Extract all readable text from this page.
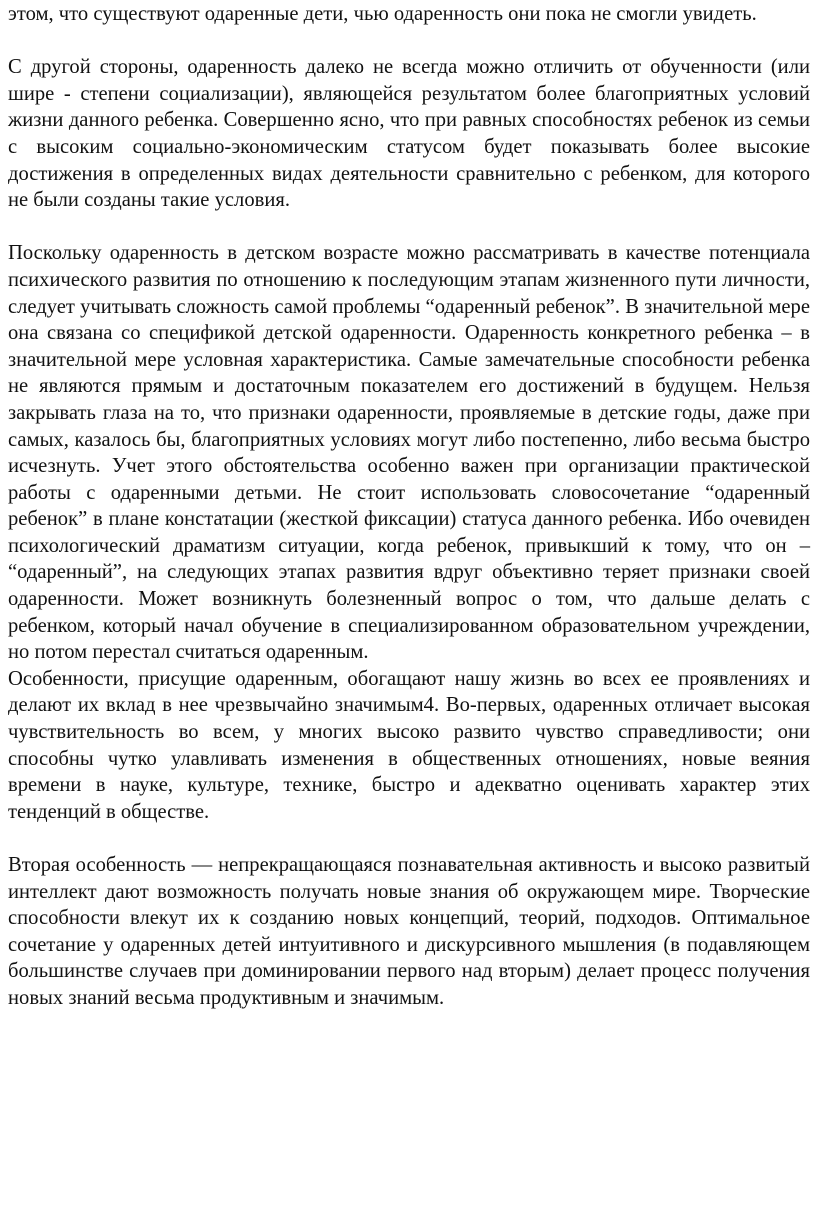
этом, что существуют одаренные дети, чью одаренность они пока не смогли увидеть.

С другой стороны, одаренность далеко не всегда можно отличить от обученности (или шире - степени социализации), являющейся результатом более благоприятных условий жизни данного ребенка. Совершенно ясно, что при равных способностях ребенок из семьи с высоким социально-экономическим статусом будет показывать более высокие достижения в определенных видах деятельности сравнительно с ребенком, для которого не были созданы такие условия.

Поскольку одаренность в детском возрасте можно рассматривать в качестве потенциала психического развития по отношению к последующим этапам жизненного пути личности, следует учитывать сложность самой проблемы “одаренный ребенок”. В значительной мере она связана со спецификой детской одаренности. Одаренность конкретного ребенка – в значительной мере условная характеристика. Самые замечательные способности ребенка не являются прямым и достаточным показателем его достижений в будущем. Нельзя закрывать глаза на то, что признаки одаренности, проявляемые в детские годы, даже при самых, казалось бы, благоприятных условиях могут либо постепенно, либо весьма быстро исчезнуть. Учет этого обстоятельства особенно важен при организации практической работы с одаренными детьми. Не стоит использовать словосочетание “одаренный ребенок” в плане констатации (жесткой фиксации) статуса данного ребенка. Ибо очевиден психологический драматизм ситуации, когда ребенок, привыкший к тому, что он – “одаренный”, на следующих этапах развития вдруг объективно теряет признаки своей одаренности. Может возникнуть болезненный вопрос о том, что дальше делать с ребенком, который начал обучение в специализированном образовательном учреждении, но потом перестал считаться одаренным.

Особенности, присущие одаренным, обогащают нашу жизнь во всех ее проявлениях и делают их вклад в нее чрезвычайно значимым4. Во-первых, одаренных отличает высокая чувствительность во всем, у многих высоко развито чувство справедливости; они способны чутко улавливать изменения в общественных отношениях, новые веяния времени в науке, культуре, технике, быстро и адекватно оценивать характер этих тенденций в обществе.

Вторая особенность — непрекращающаяся познавательная активность и высоко развитый интеллект дают возможность получать новые знания об окружающем мире. Творческие способности влекут их к созданию новых концепций, теорий, подходов. Оптимальное сочетание у одаренных детей интуитивного и дискурсивного мышления (в подавляющем большинстве случаев при доминировании первого над вторым) делает процесс получения новых знаний весьма продуктивным и значимым.
